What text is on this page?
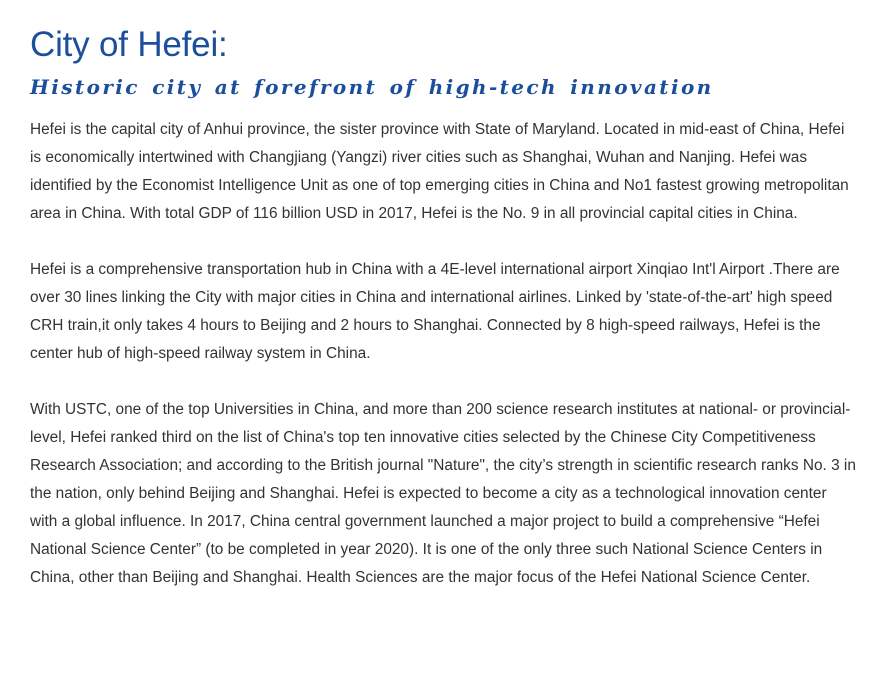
City of Hefei:
Historic city at forefront of high-tech innovation

Hefei is the capital city of Anhui province, the sister province with State of Maryland. Located in mid-east of China, Hefei is economically intertwined with Changjiang (Yangzi) river cities such as Shanghai, Wuhan and Nanjing. Hefei was identified by the Economist Intelligence Unit as one of top emerging cities in China and No1 fastest growing metropolitan area in China. With total GDP of 116 billion USD in 2017, Hefei is the No. 9 in all provincial capital cities in China.

Hefei is a comprehensive transportation hub in China with a 4E-level international airport Xinqiao Int'l Airport .There are over 30 lines linking the City with major cities in China and international airlines. Linked by 'state-of-the-art' high speed CRH train,it only takes 4 hours to Beijing and 2 hours to Shanghai. Connected by 8 high-speed railways, Hefei is the center hub of high-speed railway system in China.

With USTC, one of the top Universities in China, and more than 200 science research institutes at national- or provincial-level, Hefei ranked third on the list of China's top ten innovative cities selected by the Chinese City Competitiveness Research Association; and according to the British journal "Nature", the city’s strength in scientific research ranks No. 3 in the nation, only behind Beijing and Shanghai. Hefei is expected to become a city as a technological innovation center with a global influence. In 2017, China central government launched a major project to build a comprehensive “Hefei National Science Center” (to be completed in year 2020). It is one of the only three such National Science Centers in China, other than Beijing and Shanghai. Health Sciences are the major focus of the Hefei National Science Center.
